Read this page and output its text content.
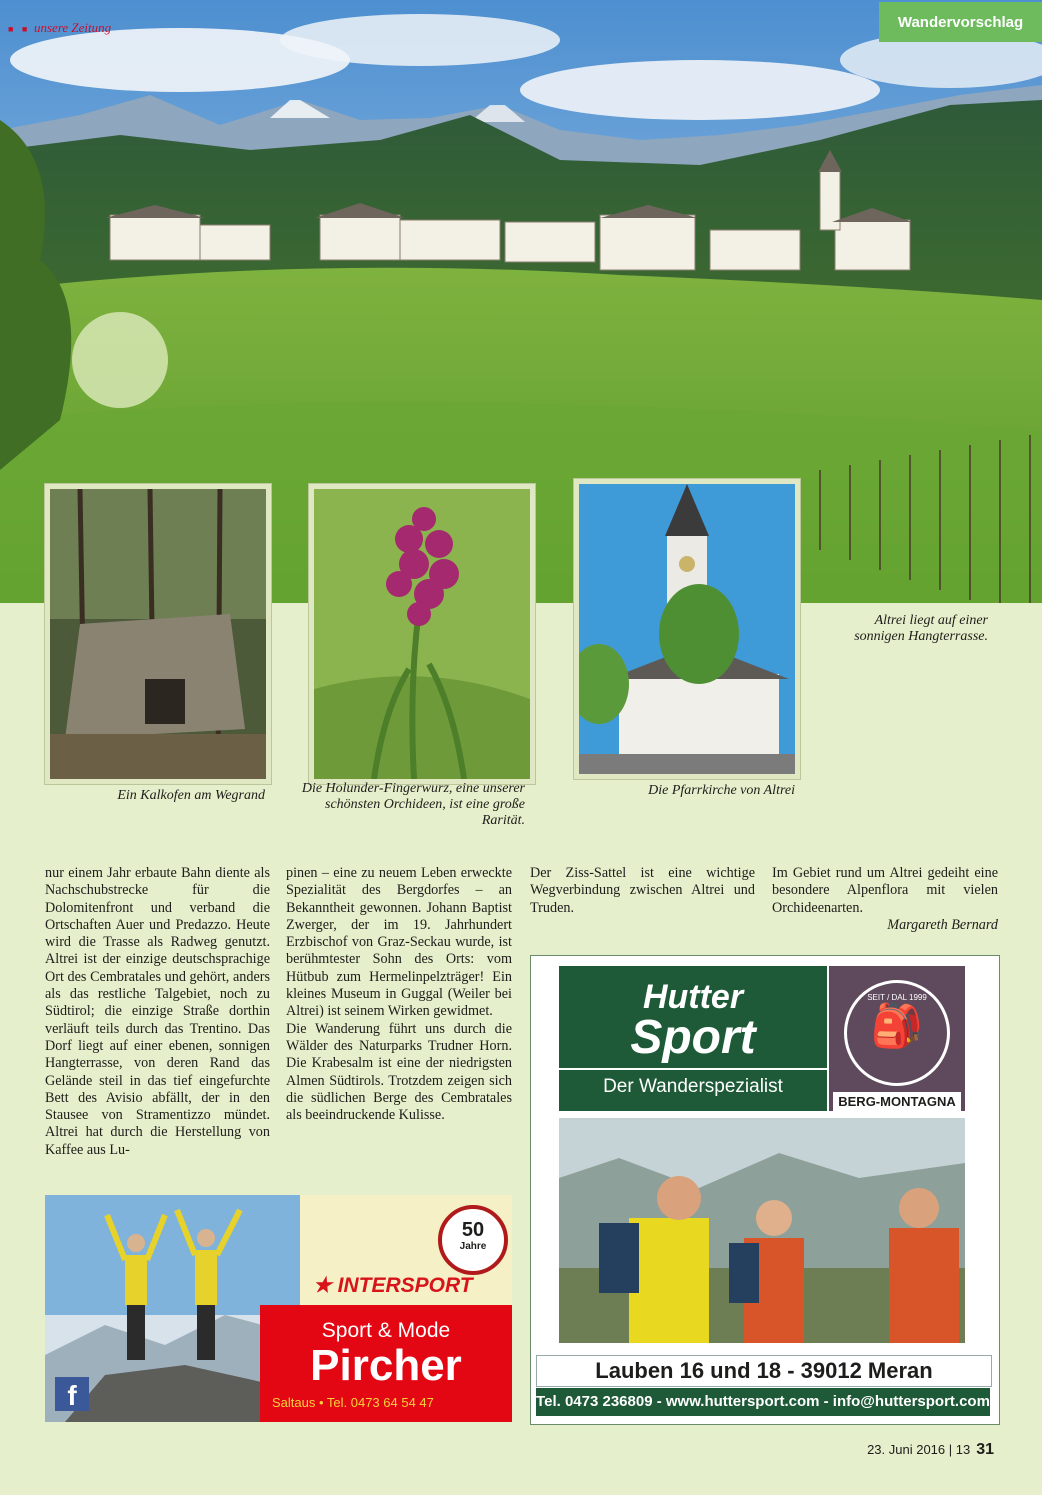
■ ■ unsere Zeitung	Wandervorschlag
Altrei liegt auf einer sonnigen Hangterrasse.
Ein Kalkofen am Wegrand	Die Holunder-Fingerwurz, eine unserer schönsten Orchideen, ist eine große Rarität.
Die Pfarrkirche von Altrei

nur einem Jahr erbaute Bahn diente als Nachschubstrecke für die Dolomitenfront und verband die Ortschaften Auer und Predazzo. Heute wird die Trasse als Radweg genutzt. Altrei ist der einzige deutschsprachige Ort des Cembratales und gehört, anders als das restliche Talgebiet, noch zu Südtirol; die einzige Straße dorthin verläuft teils durch das Trentino. Das Dorf liegt auf einer ebenen, sonnigen Hangterrasse, von deren Rand das Gelände steil in das tief eingefurchte Bett des Avisio abfällt, der in den Stausee von Stramentizzo mündet. Altrei hat durch die Herstellung von Kaffee aus Lu-

pinen – eine zu neuem Leben erweckte Spezialität des Bergdorfes – an Bekanntheit gewonnen. Johann Baptist Zwerger, der im 19. Jahrhundert Erzbischof von Graz-Seckau wurde, ist berühmtester Sohn des Orts: vom Hütbub zum Hermelinpelzträger! Ein kleines Museum in Guggal (Weiler bei Altrei) ist seinem Wirken gewidmet.

Die Wanderung führt uns durch die Wälder des Naturparks Trudner Horn. Die Krabesalm ist eine der niedrigsten Almen Südtirols. Trotzdem zeigen sich die südlichen Berge des Cembratales als beeindruckende Kulisse.

Der Ziss-Sattel ist eine wichtige Wegverbindung zwischen Altrei und Truden.

Im Gebiet rund um Altrei gedeiht eine besondere Alpenflora mit vielen Orchideenarten.

Margareth Bernard

f
50
Jahre
★ INTERSPORT
Sport & Mode
Pircher
Saltaus • Tel. 0473 64 54 47
Hutter
Sport
Der Wanderspezialist
SEIT / DAL 1999
🎒
BERG-MONTAGNA
Lauben 16 und 18 - 39012 Meran
Tel. 0473 236809 - www.huttersport.com - info@huttersport.com
23. Juni 2016 | 13 31
